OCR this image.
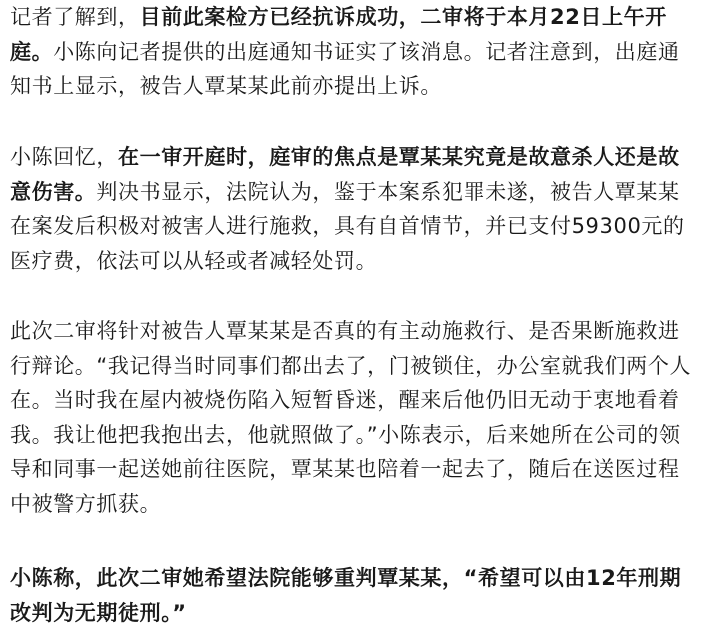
记者了解到，目前此案检方已经抗诉成功，二审将于本月22日上午开庭。小陈向记者提供的出庭通知书证实了该消息。记者注意到，出庭通知书上显示，被告人覃某某此前亦提出上诉。

小陈回忆，在一审开庭时，庭审的焦点是覃某某究竟是故意杀人还是故意伤害。判决书显示，法院认为，鉴于本案系犯罪未遂，被告人覃某某在案发后积极对被害人进行施救，具有自首情节，并已支付59300元的医疗费，依法可以从轻或者减轻处罚。

此次二审将针对被告人覃某某是否真的有主动施救行、是否果断施救进行辩论。“我记得当时同事们都出去了，门被锁住，办公室就我们两个人在。当时我在屋内被烧伤陷入短暂昏迷，醒来后他仍旧无动于衷地看着我。我让他把我抱出去，他就照做了。”小陈表示，后来她所在公司的领导和同事一起送她前往医院，覃某某也陪着一起去了，随后在送医过程中被警方抓获。

小陈称，此次二审她希望法院能够重判覃某某，“希望可以由12年刑期改判为无期徒刑。”
